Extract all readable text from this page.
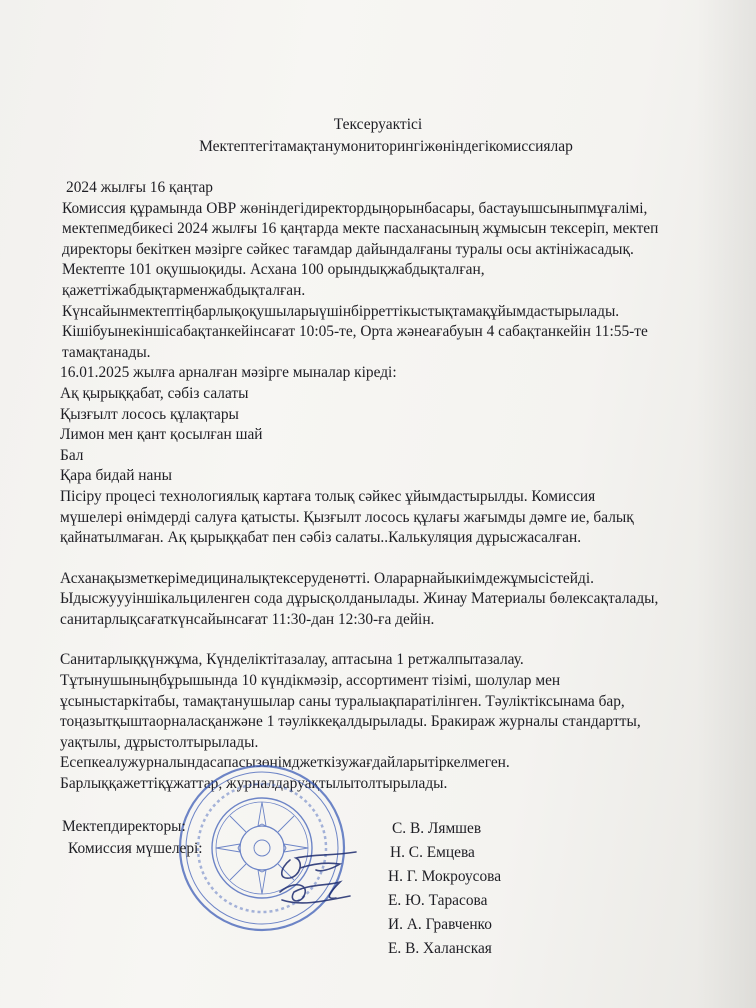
Тексеруактісі
Мектептегітамақтанумониторингіжөніндегікомиссиялар
2024 жылғы 16 қаңтар
Комиссия құрамында ОВР жөніндегідиректордыңорынбасары, бастауышсыныпмұғалімі,
мектепмедбикесі 2024 жылғы 16 қаңтарда мекте пасханасының жұмысын тексеріп, мектеп
директоры бекіткен мәзірге сәйкес тағамдар дайындалғаны туралы осы актініжасадық.
Мектепте 101 оқушыоқиды. Асхана 100 орындықжабдықталған,
қажеттіжабдықтарменжабдықталған.
Күнсайынмектептіңбарлықоқушыларыүшінбірреттікыстықтамақұйымдастырылады.
Кішібуынекіншісабақтанкейінсағат 10:05-те, Орта жәнеағабуын 4 сабақтанкейін 11:55-те
тамақтанады.
16.01.2025 жылға арналған мәзірге мыналар кіреді:
Ақ қырыққабат, сәбіз салаты
Қызғылт лосось құлақтары
Лимон мен қант қосылған шай
Бал
Қара бидай наны
Пісіру процесі технологиялық картаға толық сәйкес ұйымдастырылды. Комиссия
мүшелері өнімдерді салуға қатысты. Қызғылт лосось құлағы жағымды дәмге ие, балық
қайнатылмаған. Ақ қырыққабат пен сәбіз салаты..Калькуляция дұрысжасалған.
Асханақызметкерімедициналықтексеруденөтті. Оларарнайыкиімдежұмысістейді.
Ыдысжуууіншікальциленген сода дұрысқолданылады. Жинау Материалы бөлексақталады,
санитарлықсағаткүнсайынсағат 11:30-дан 12:30-ға дейін.
Санитарлыққүнжұма, Күнделіктітазалау, аптасына 1 ретжалпытазалау.
Тұтынушыныңбұрышында 10 күндікмәзір, ассортимент тізімі, шолулар мен
ұсыныстаркітабы, тамақтанушылар саны туралыақпаратілінген. Тәуліктіксынама бар,
тоңазытқыштаорналасқанжәне 1 тәуліккеқалдырылады. Бракираж журналы стандартты,
уақтылы, дұрыстолтырылады.
Есепкеалужурналындасапасызөнімджеткізужағдайларытіркелмеген.
Барлыққажеттіқұжаттар, журналдаруақтылытолтырылады.
Мектепдиректоры:
Комиссия мүшелері:
С. В. Лямшев
Н. С. Емцева
Н. Г. Мокроусова
Е. Ю. Тарасова
И. А. Гравченко
Е. В. Халанская
